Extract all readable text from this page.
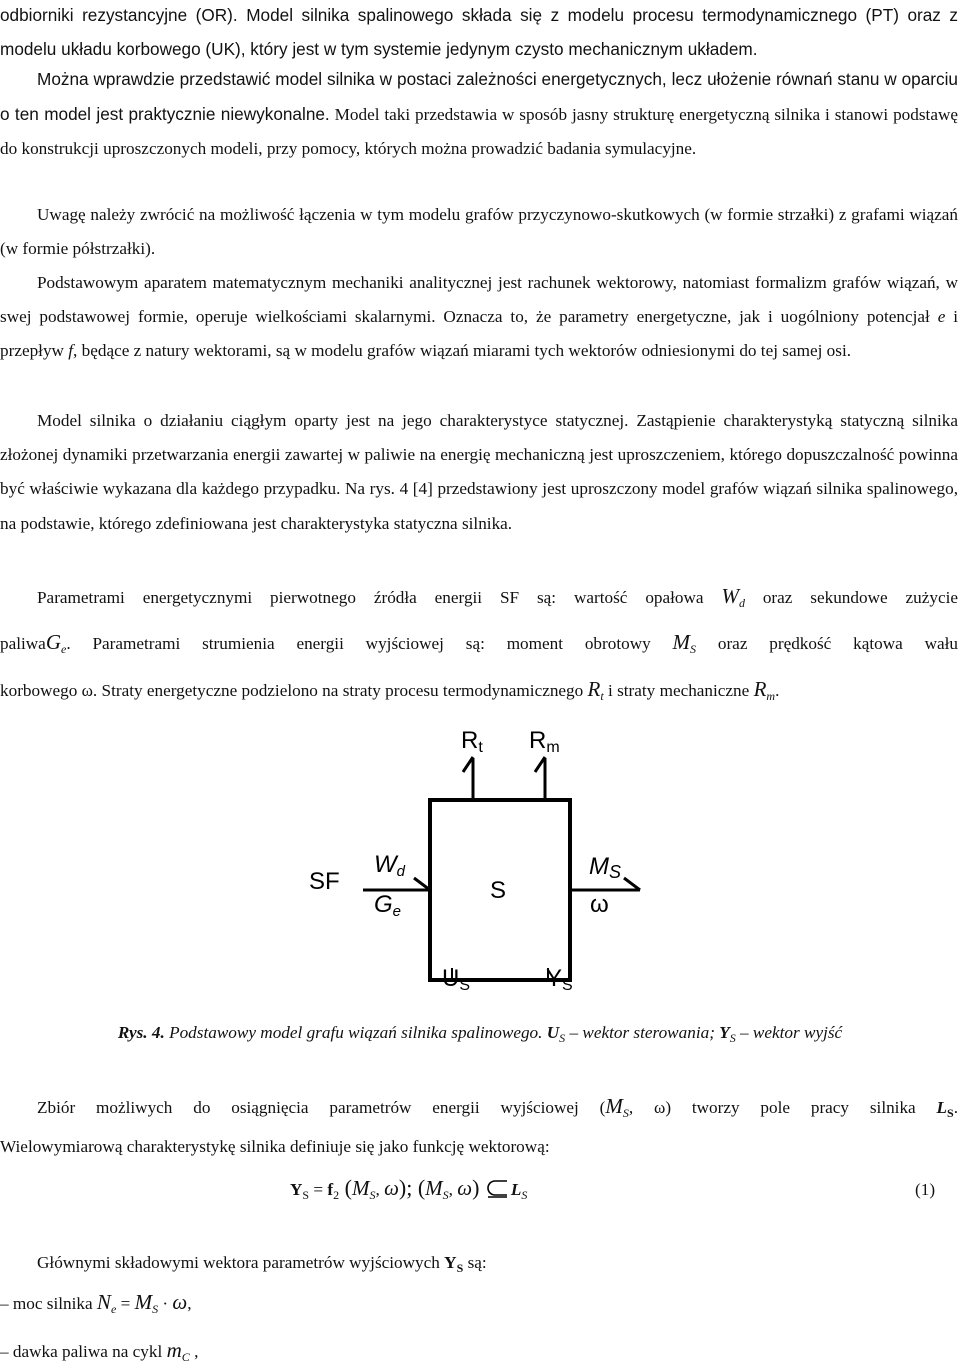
odbiorniki rezystancyjne (OR). Model silnika spalinowego składa się z modelu procesu termodynamicznego (PT) oraz z modelu układu korbowego (UK), który jest w tym systemie jedynym czysto mechanicznym układem.

Można wprawdzie przedstawić model silnika w postaci zależności energetycznych, lecz ułożenie równań stanu w oparciu o ten model jest praktycznie niewykonalne. Model taki przedstawia w sposób jasny strukturę energetyczną silnika i stanowi podstawę do konstrukcji uproszczonych modeli, przy pomocy, których można prowadzić badania symulacyjne.

Uwagę należy zwrócić na możliwość łączenia w tym modelu grafów przyczynowo-skutkowych (w formie strzałki) z grafami wiązań (w formie półstrzałki).

Podstawowym aparatem matematycznym mechaniki analitycznej jest rachunek wektorowy, natomiast formalizm grafów wiązań, w swej podstawowej formie, operuje wielkościami skalarnymi. Oznacza to, że parametry energetyczne, jak i uogólniony potencjał e i przepływ f, będące z natury wektorami, są w modelu grafów wiązań miarami tych wektorów odniesionymi do tej samej osi.

Model silnika o działaniu ciągłym oparty jest na jego charakterystyce statycznej. Zastąpienie charakterystyką statyczną silnika złożonej dynamiki przetwarzania energii zawartej w paliwie na energię mechaniczną jest uproszczeniem, którego dopuszczalność powinna być właściwie wykazana dla każdego przypadku. Na rys. 4 [4] przedstawiony jest uproszczony model grafów wiązań silnika spalinowego, na podstawie, którego zdefiniowana jest charakterystyka statyczna silnika.

Parametrami energetycznymi pierwotnego źródła energii SF są: wartość opałowa $W_d$ oraz sekundowe zużycie
paliwaG$_e$. Parametrami strumienia energii wyjściowej są: moment obrotowy $M_S$ oraz prędkość kątowa wału
korbowego ω. Straty energetyczne podzielono na straty procesu termodynamicznego $R_t$ i straty mechaniczne $R_m$.
Rt Rm
SF
Wd
Ge
S
MS
ω
US	YS
Rys. 4. Podstawowy model grafu wiązań silnika spalinowego. $U_S$ – wektor sterowania; $Y_S$ – wektor wyjść
Zbiór możliwych do osiągnięcia parametrów energii wyjściowej ($M_S$, ω) tworzy pole pracy silnika $L_S$.
Wielowymiarową charakterystykę silnika definiuje się jako funkcję wektorową:
$Y_S = f_2$ ($M_S$, ω); ($M_S$, ω) $L_S$	(1)
Głównymi składowymi wektora parametrów wyjściowych $Y_S$ są:
– moc silnika $N_e = M_S \cdot \omega$,
– dawka paliwa na cykl $m_C$ ,
